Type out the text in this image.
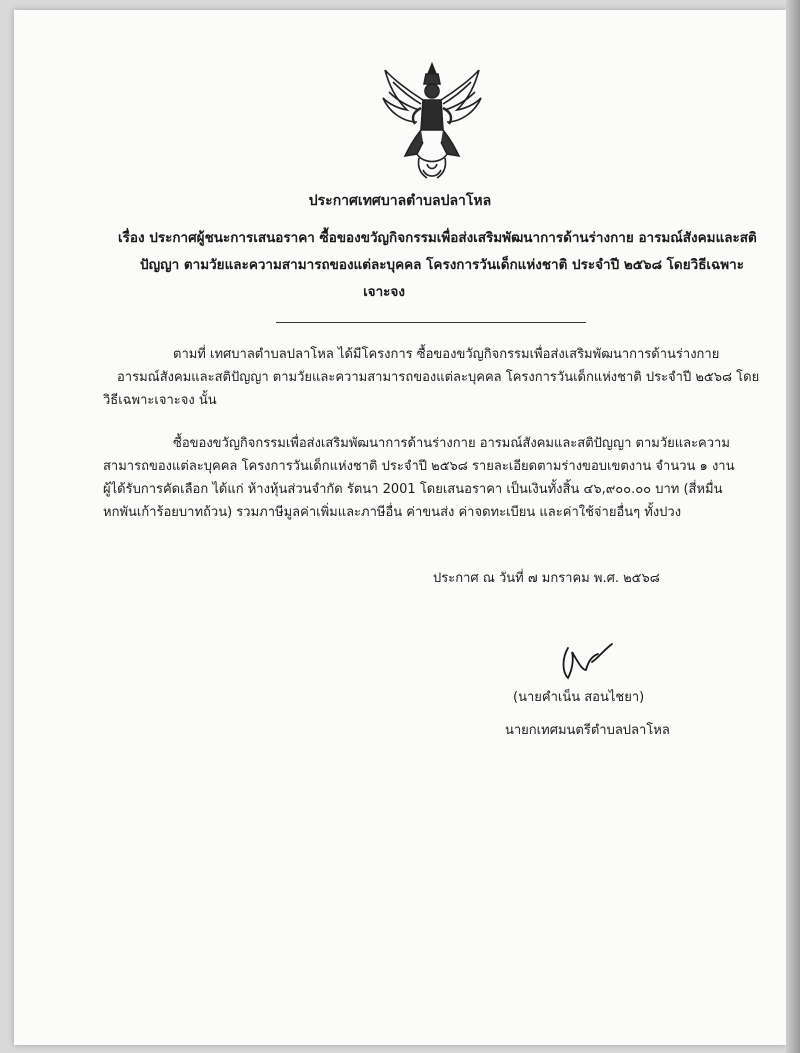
ประกาศเทศบาลตำบลปลาโหล
เรื่อง ประกาศผู้ชนะการเสนอราคา ซื้อของขวัญกิจกรรมเพื่อส่งเสริมพัฒนาการด้านร่างกาย อารมณ์สังคมและสติ
ปัญญา ตามวัยและความสามารถของแต่ละบุคคล โครงการวันเด็กแห่งชาติ ประจำปี ๒๕๖๘ โดยวิธีเฉพาะ
เจาะจง
ตามที่ เทศบาลตำบลปลาโหล ได้มีโครงการ ซื้อของขวัญกิจกรรมเพื่อส่งเสริมพัฒนาการด้านร่างกาย
อารมณ์สังคมและสติปัญญา ตามวัยและความสามารถของแต่ละบุคคล โครงการวันเด็กแห่งชาติ ประจำปี ๒๕๖๘ โดย
วิธีเฉพาะเจาะจง นั้น
ซื้อของขวัญกิจกรรมเพื่อส่งเสริมพัฒนาการด้านร่างกาย อารมณ์สังคมและสติปัญญา ตามวัยและความ
สามารถของแต่ละบุคคล โครงการวันเด็กแห่งชาติ ประจำปี ๒๕๖๘ รายละเอียดตามร่างขอบเขตงาน จำนวน ๑ งาน
ผู้ได้รับการคัดเลือก ได้แก่ ห้างหุ้นส่วนจำกัด รัตนา 2001 โดยเสนอราคา เป็นเงินทั้งสิ้น ๔๖,๙๐๐.๐๐ บาท (สี่หมื่น
หกพันเก้าร้อยบาทถ้วน) รวมภาษีมูลค่าเพิ่มและภาษีอื่น ค่าขนส่ง ค่าจดทะเบียน และค่าใช้จ่ายอื่นๆ ทั้งปวง
ประกาศ ณ วันที่ ๗ มกราคม พ.ศ. ๒๕๖๘
(นายคำเน็น สอนไชยา)
นายกเทศมนตรีตำบลปลาโหล
